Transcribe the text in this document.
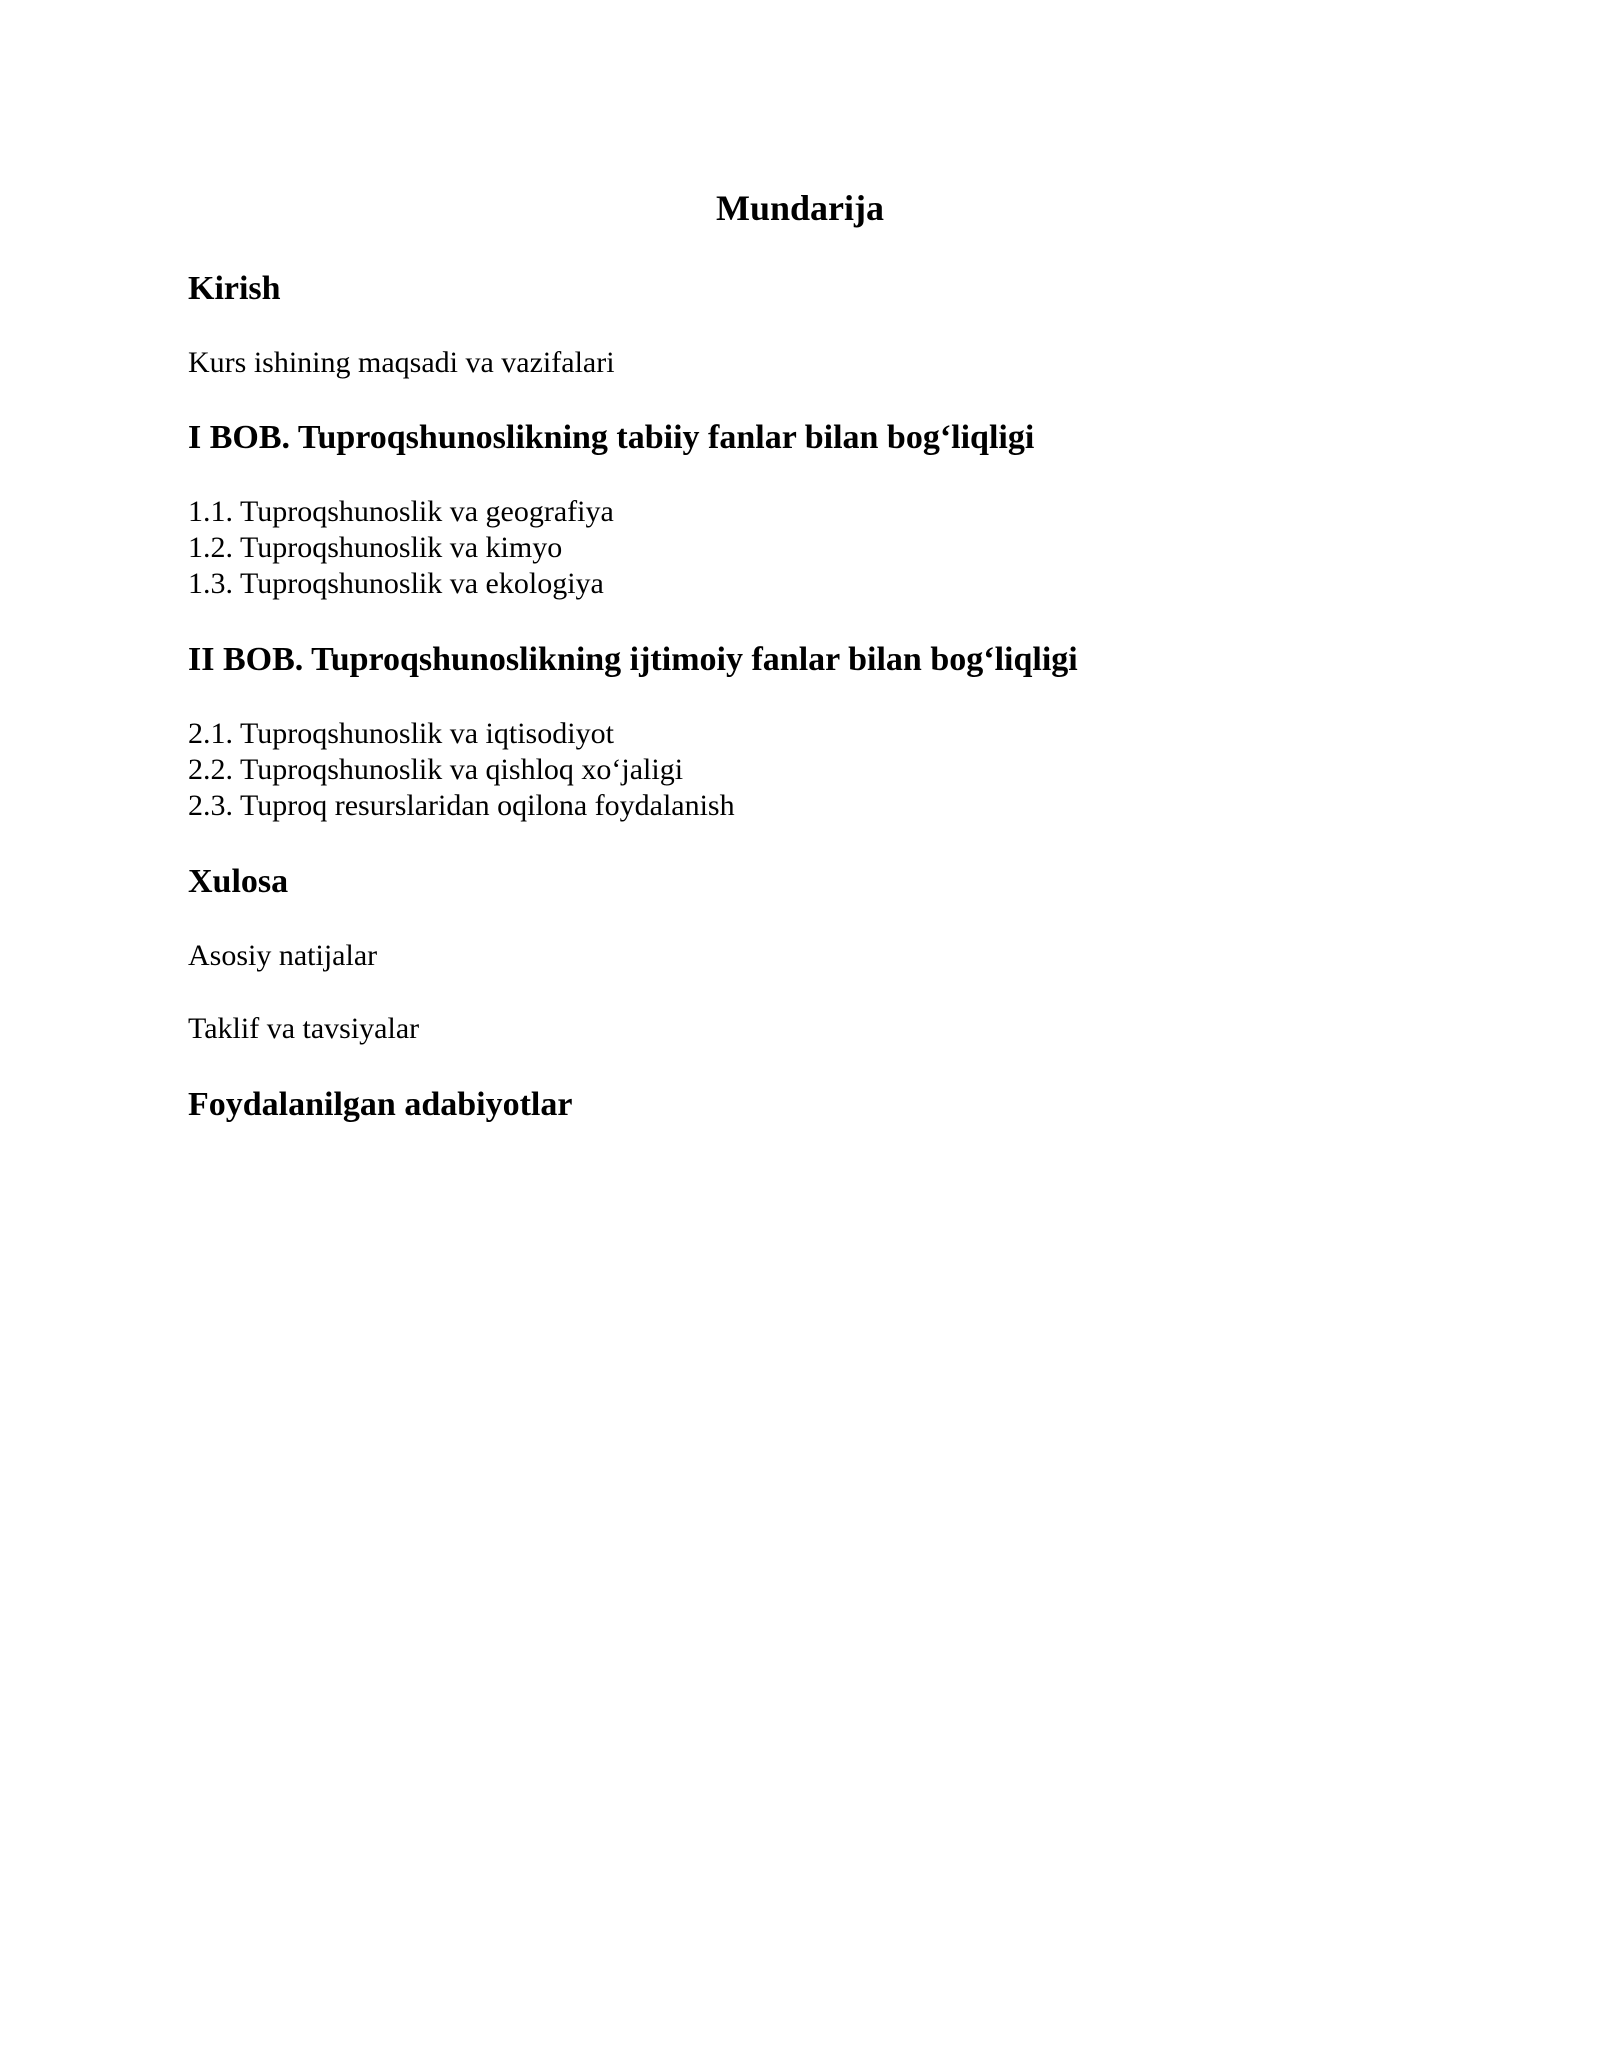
Mundarija
Kirish

Kurs ishining maqsadi va vazifalari

I BOB. Tuproqshunoslikning tabiiy fanlar bilan bog‘liqligi

1.1. Tuproqshunoslik va geografiya

1.2. Tuproqshunoslik va kimyo

1.3. Tuproqshunoslik va ekologiya

II BOB. Tuproqshunoslikning ijtimoiy fanlar bilan bog‘liqligi

2.1. Tuproqshunoslik va iqtisodiyot

2.2. Tuproqshunoslik va qishloq xo‘jaligi

2.3. Tuproq resurslaridan oqilona foydalanish

Xulosa

Asosiy natijalar

Taklif va tavsiyalar

Foydalanilgan adabiyotlar
